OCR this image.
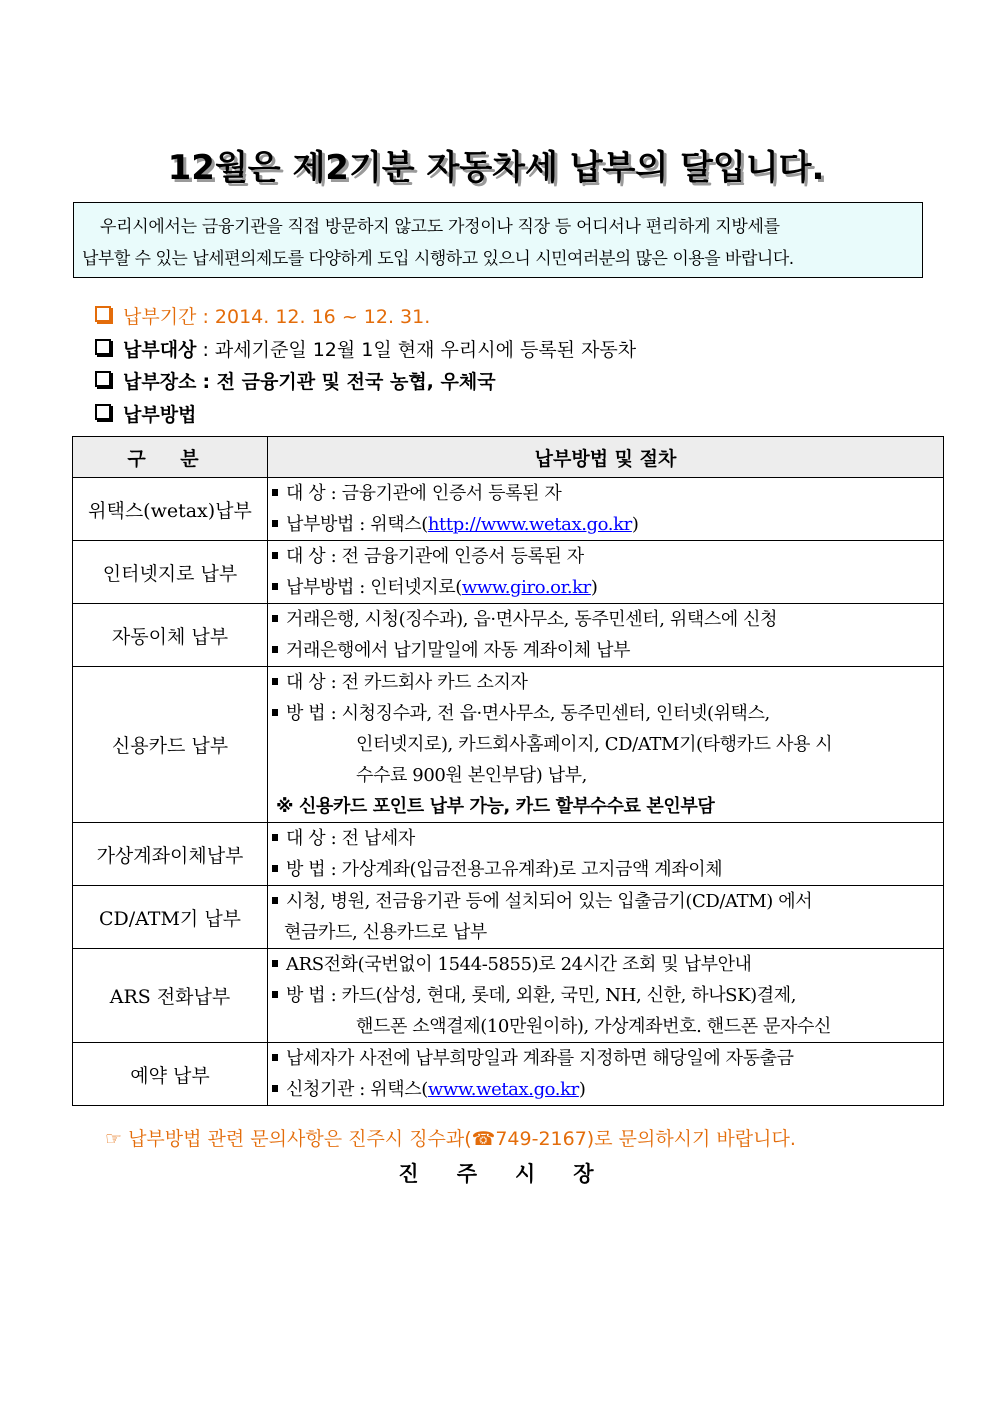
12월은 제2기분 자동차세 납부의 달입니다.
우리시에서는 금융기관을 직접 방문하지 않고도 가정이나 직장 등 어디서나 편리하게 지방세를
납부할 수 있는 납세편의제도를 다양하게 도입 시행하고 있으니 시민여러분의 많은 이용을 바랍니다.
납부기간 : 2014. 12. 16 ~ 12. 31.
납부대상 : 과세기준일 12월 1일 현재 우리시에 등록된 자동차
납부장소 : 전 금융기관 및 전국 농협, 우체국
납부방법
구 분	납부방법 및 절차
위택스(wetax)납부	대 상 : 금융기관에 인증서 등록된 자
납부방법 : 위택스(http://www.wetax.go.kr)

인터넷지로 납부	대 상 : 전 금융기관에 인증서 등록된 자
납부방법 : 인터넷지로(www.giro.or.kr)

자동이체 납부	거래은행, 시청(징수과), 읍·면사무소, 동주민센터, 위택스에 신청
거래은행에서 납기말일에 자동 계좌이체 납부

신용카드 납부	대 상 : 전 카드회사 카드 소지자
방 법 : 시청징수과, 전 읍·면사무소, 동주민센터, 인터넷(위택스,
인터넷지로), 카드회사홈페이지, CD/ATM기(타행카드 사용 시
수수료 900원 본인부담) 납부,
※ 신용카드 포인트 납부 가능, 카드 할부수수료 본인부담

가상계좌이체납부	대 상 : 전 납세자
방 법 : 가상계좌(입금전용고유계좌)로 고지금액 계좌이체

CD/ATM기 납부	시청, 병원, 전금융기관 등에 설치되어 있는 입출금기(CD/ATM) 에서
현금카드, 신용카드로 납부

ARS 전화납부	ARS전화(국번없이 1544-5855)로 24시간 조회 및 납부안내
방 법 : 카드(삼성, 현대, 롯데, 외환, 국민, NH, 신한, 하나SK)결제,
핸드폰 소액결제(10만원이하), 가상계좌번호. 핸드폰 문자수신

예약 납부	납세자가 사전에 납부희망일과 계좌를 지정하면 해당일에 자동출금
신청기관 : 위택스(www.wetax.go.kr)
☞ 납부방법 관련 문의사항은 진주시 징수과(☎749-2167)로 문의하시기 바랍니다.
진주시장
